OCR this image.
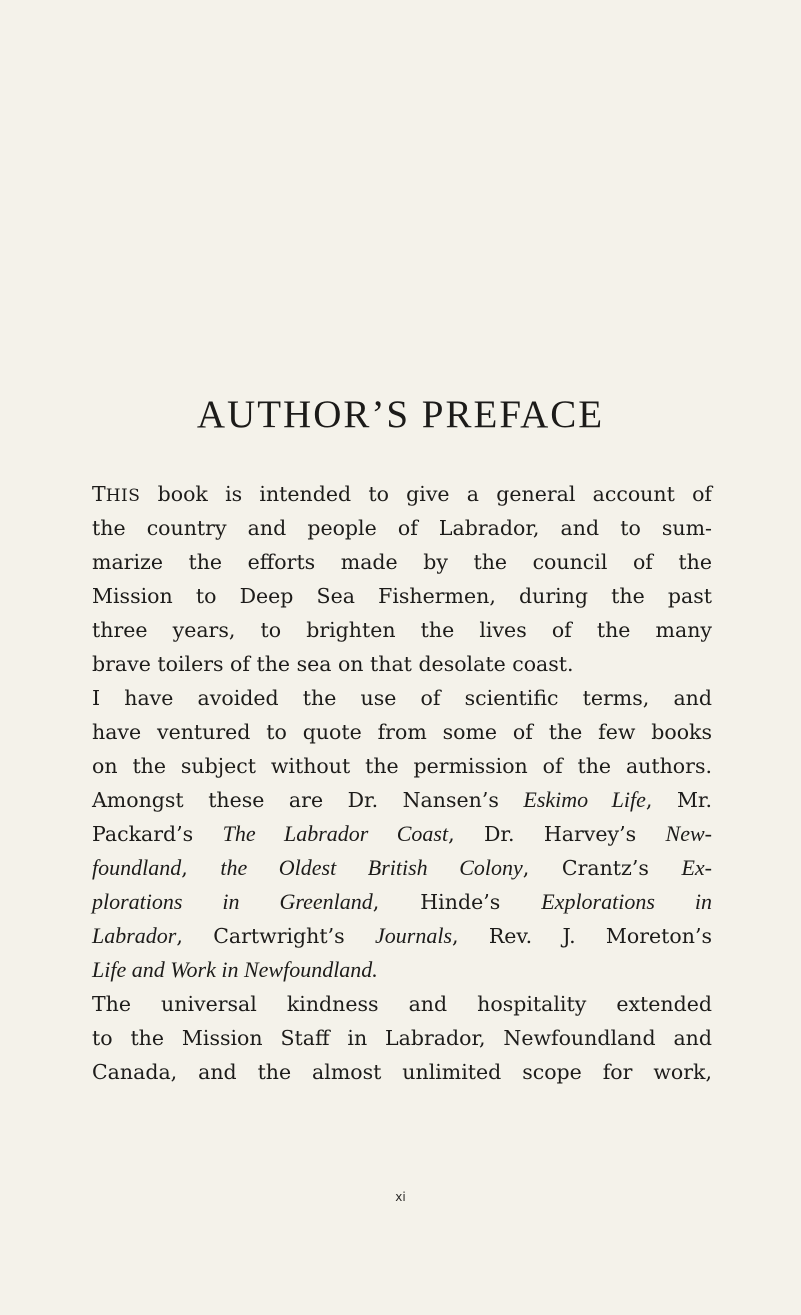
AUTHOR’S PREFACE
THIS book is intended to give a general account of
the country and people of Labrador, and to sum-
marize the efforts made by the council of the
Mission to Deep Sea Fishermen, during the past
three years, to brighten the lives of the many
brave toilers of the sea on that desolate coast.
I have avoided the use of scientific terms, and
have ventured to quote from some of the few books
on the subject without the permission of the authors.
Amongst these are Dr. Nansen’s Eskimo Life, Mr.
Packard’s The Labrador Coast, Dr. Harvey’s New-
foundland, the Oldest British Colony, Crantz’s Ex-
plorations in Greenland, Hinde’s Explorations in
Labrador, Cartwright’s Journals, Rev. J. Moreton’s
Life and Work in Newfoundland.
The universal kindness and hospitality extended
to the Mission Staff in Labrador, Newfoundland and
Canada, and the almost unlimited scope for work,
xi
